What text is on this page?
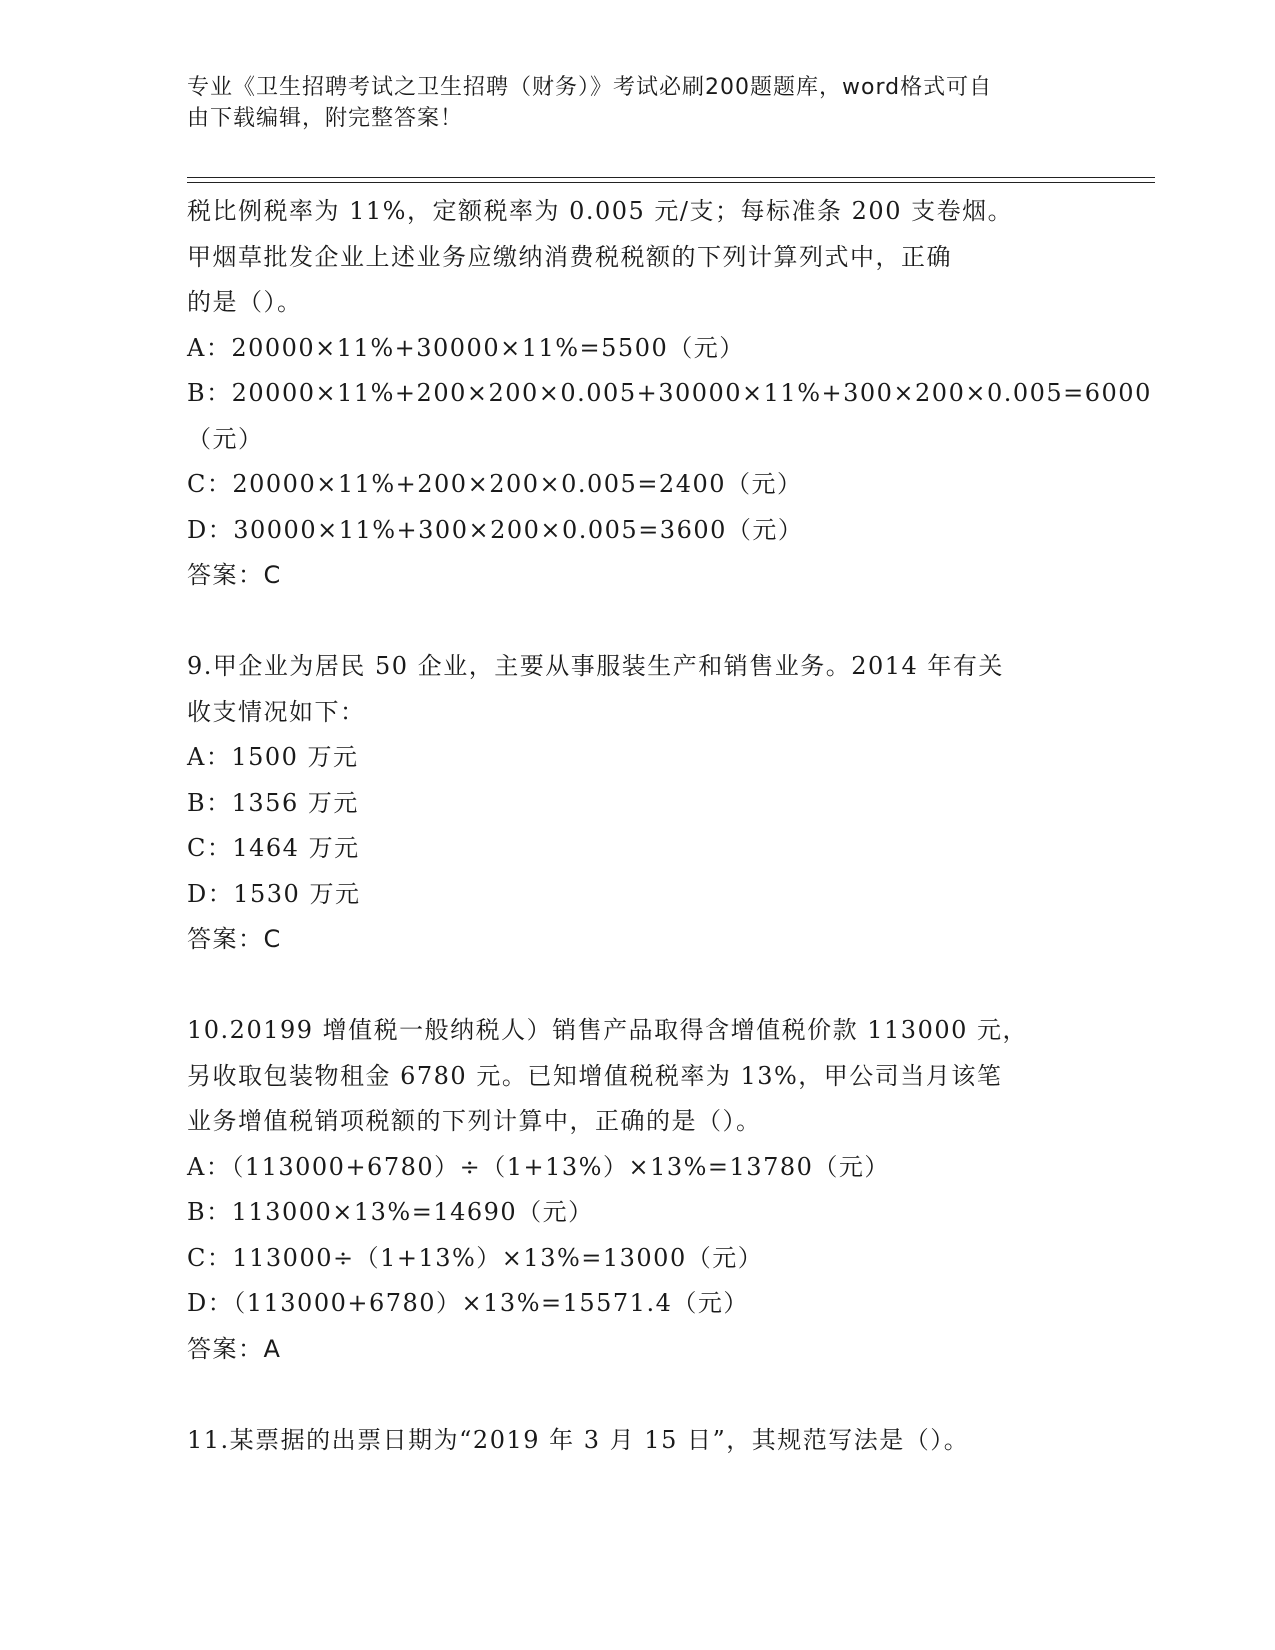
专业《卫生招聘考试之卫生招聘（财务）》考试必刷200题题库，word格式可自
由下载编辑，附完整答案！
税比例税率为 11%，定额税率为 0.005 元/支；每标准条 200 支卷烟。
甲烟草批发企业上述业务应缴纳消费税税额的下列计算列式中，正确
的是（）。
A：20000×11%+30000×11%=5500（元）
B：20000×11%+200×200×0.005+30000×11%+300×200×0.005=6000
（元）
C：20000×11%+200×200×0.005=2400（元）
D：30000×11%+300×200×0.005=3600（元）
答案：C
9.甲企业为居民 50 企业，主要从事服装生产和销售业务。2014 年有关
收支情况如下：
A：1500 万元
B：1356 万元
C：1464 万元
D：1530 万元
答案：C
10.20199 增值税一般纳税人）销售产品取得含增值税价款 113000 元，
另收取包装物租金 6780 元。已知增值税税率为 13%，甲公司当月该笔
业务增值税销项税额的下列计算中，正确的是（）。
A：（113000+6780）÷（1+13%）×13%=13780（元）
B：113000×13%=14690（元）
C：113000÷（1+13%）×13%=13000（元）
D：（113000+6780）×13%=15571.4（元）
答案：A
11.某票据的出票日期为“2019 年 3 月 15 日”，其规范写法是（）。
